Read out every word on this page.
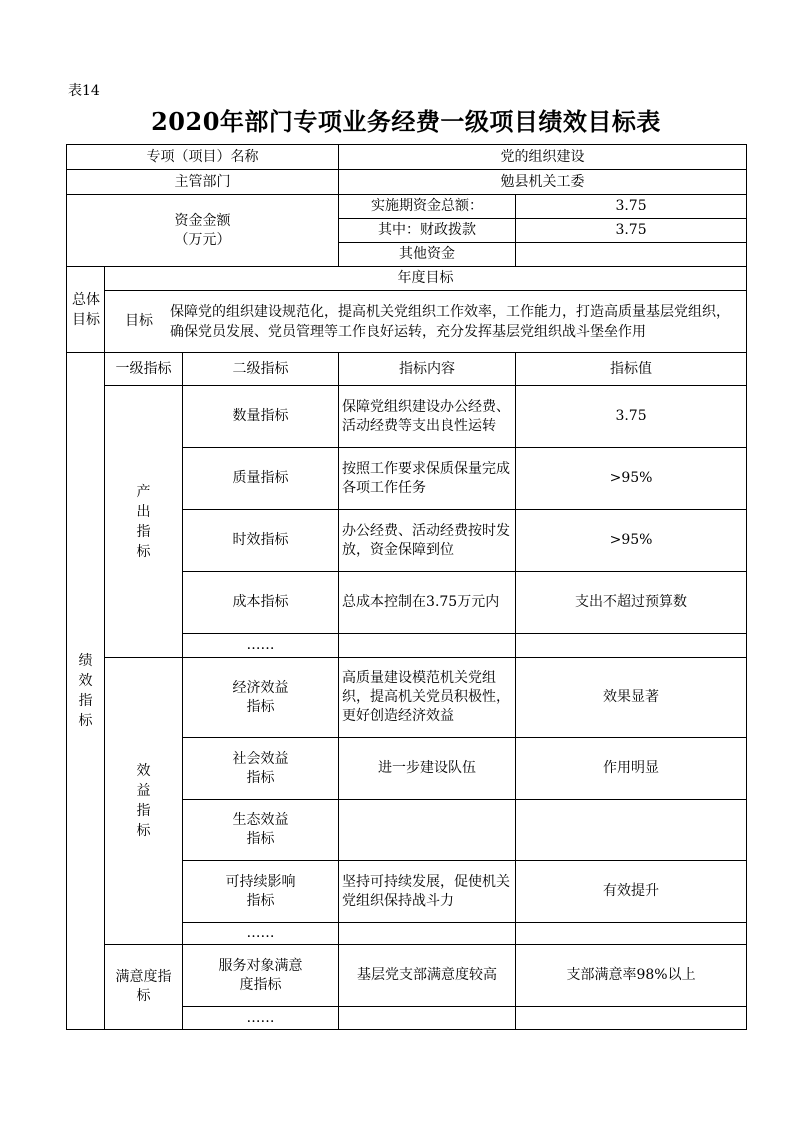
表14
2020年部门专项业务经费一级项目绩效目标表
专项（项目）名称			党的组织建设	
主管部门			勉县机关工委	
资金金额
（万元）			实施期资金总额：	3.75
			其中：财政拨款	3.75
			其他资金	
总体目标	年度目标			

	目标
保障党的组织建设规范化，提高机关党组织工作效率，工作能力，打造高质量基层党组织，确保党员发展、党员管理等工作良好运转，充分发挥基层党组织战斗堡垒作用			

绩效指标	一级指标	二级指标	指标内容	指标值
	产出指标	数量指标	保障党组织建设办公经费、活动经费等支出良性运转	3.75
		质量指标	按照工作要求保质保量完成各项工作任务	>95%
		时效指标	办公经费、活动经费按时发放，资金保障到位	>95%
		成本指标	总成本控制在3.75万元内	支出不超过预算数
		……		
	效益指标	经济效益指标	高质量建设模范机关党组织，提高机关党员积极性，更好创造经济效益	效果显著
		社会效益指标	进一步建设队伍	作用明显
		生态效益指标		
		可持续影响指标	坚持可持续发展，促使机关党组织保持战斗力	有效提升
		……		
	满意度指标	服务对象满意度指标	基层党支部满意度较高	支部满意率98%以上
		……		
